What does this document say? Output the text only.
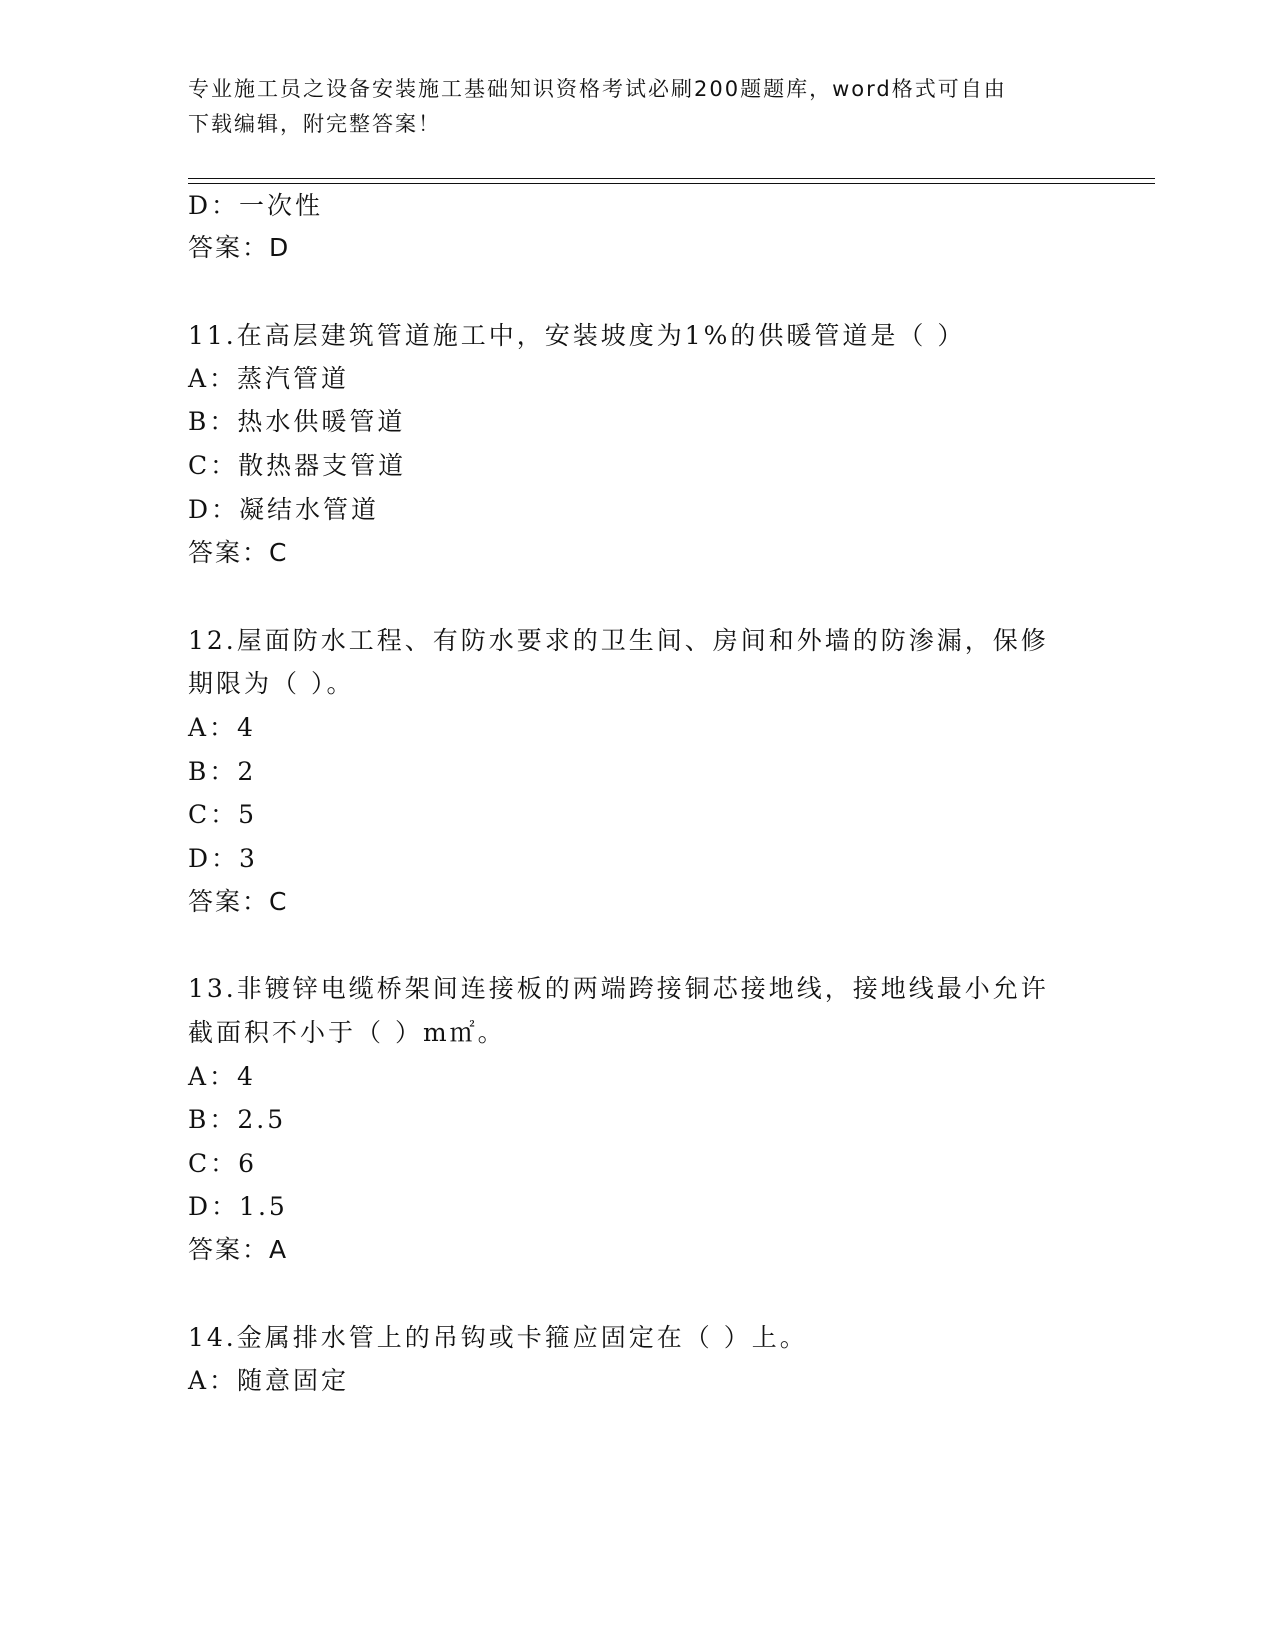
专业施工员之设备安装施工基础知识资格考试必刷200题题库，word格式可自由
下载编辑，附完整答案！
D：一次性
答案：D
11.在高层建筑管道施工中，安装坡度为1%的供暖管道是（ ）
A：蒸汽管道
B：热水供暖管道
C：散热器支管道
D：凝结水管道
答案：C
12.屋面防水工程、有防水要求的卫生间、房间和外墙的防渗漏，保修
期限为（ ）。
A：4
B：2
C：5
D：3
答案：C
13.非镀锌电缆桥架间连接板的两端跨接铜芯接地线，接地线最小允许
截面积不小于（ ）m㎡。
A：4
B：2.5
C：6
D：1.5
答案：A
14.金属排水管上的吊钩或卡箍应固定在（ ）上。
A：随意固定
